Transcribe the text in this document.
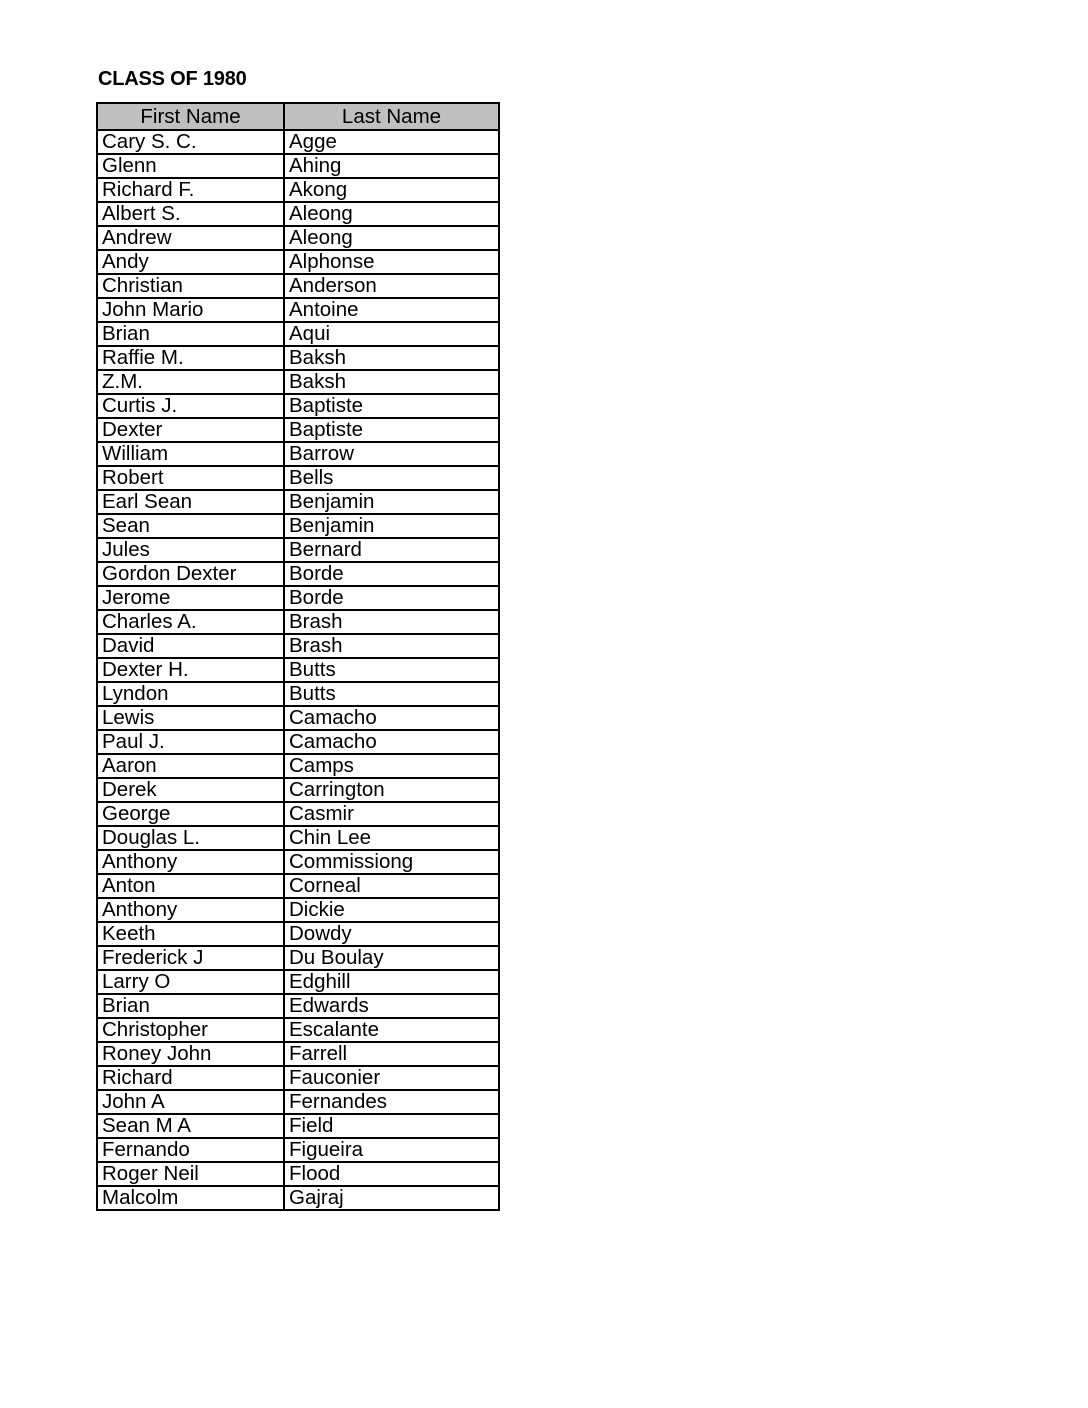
CLASS OF 1980
First Name	Last Name
Cary S. C.	Agge
Glenn	Ahing
Richard F.	Akong
Albert S.	Aleong
Andrew	Aleong
Andy	Alphonse
Christian	Anderson
John Mario	Antoine
Brian	Aqui
Raffie M.	Baksh
Z.M.	Baksh
Curtis J.	Baptiste
Dexter	Baptiste
William	Barrow
Robert	Bells
Earl Sean	Benjamin
Sean	Benjamin
Jules	Bernard
Gordon Dexter	Borde
Jerome	Borde
Charles A.	Brash
David	Brash
Dexter H.	Butts
Lyndon	Butts
Lewis	Camacho
Paul J.	Camacho
Aaron	Camps
Derek	Carrington
George	Casmir
Douglas L.	Chin Lee
Anthony	Commissiong
Anton	Corneal
Anthony	Dickie
Keeth	Dowdy
Frederick J	Du Boulay
Larry O	Edghill
Brian	Edwards
Christopher	Escalante
Roney John	Farrell
Richard	Fauconier
John A	Fernandes
Sean M A	Field
Fernando	Figueira
Roger Neil	Flood
Malcolm	Gajraj
